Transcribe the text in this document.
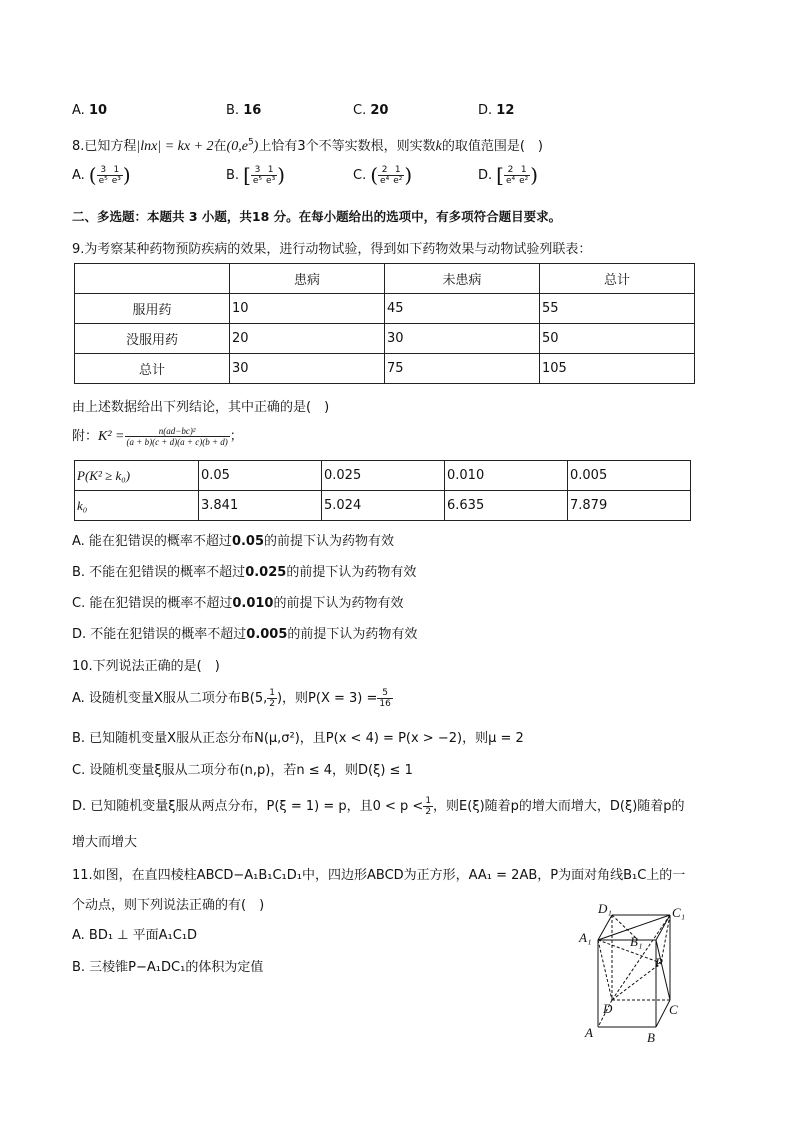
A. 10	B. 16	C. 20	D. 12
8.已知方程|lnx| = kx + 2在$(0,e^5)$上恰有3个不等实数根，则实数k的取值范围是(　)
A. ( $\frac{3}{\text{e⁵}} \frac{1}{\text{e³}}$ )	B. [ $\frac{3}{\text{e⁵}} \frac{1}{\text{e³}}$ )	C. ( $\frac{2}{\text{e⁴}} \frac{1}{\text{e²}}$ )	D. [ $\frac{2}{\text{e⁴}} \frac{1}{\text{e²}}$ )
二、多选题：本题共 3 小题，共18 分。在每小题给出的选项中，有多项符合题目要求。
9.为考察某种药物预防疾病的效果，进行动物试验，得到如下药物效果与动物试验列联表：
	患病	未患病	总计
服用药	10	45	55
没服用药	20	30	50
总计	30	75	105
由上述数据给出下列结论，其中正确的是(　)
附：$K^2 = \frac{\text{n(ad−bc)²}}{(a + b)(c + d)(a + c)(b + d)}$ ；
P(K² ≥ k₀)	0.05	0.025	0.010	0.005
k₀	3.841	5.024	6.635	7.879
A. 能在犯错误的概率不超过0.05的前提下认为药物有效
B. 不能在犯错误的概率不超过0.025的前提下认为药物有效
C. 能在犯错误的概率不超过0.010的前提下认为药物有效
D. 不能在犯错误的概率不超过0.005的前提下认为药物有效
10.下列说法正确的是(　)
A. 设随机变量X服从二项分布B(5, $\frac{1}{2}$ )，则$P(X = 3) = \frac{5}{16}$
B. 已知随机变量X服从正态分布N(μ,σ²)，且P(x < 4) = P(x > −2)，则μ = 2
C. 设随机变量ξ服从二项分布(n,p)，若n ≤ 4，则D(ξ) ≤ 1
D. 已知随机变量ξ服从两点分布，P(ξ = 1) = p，且$0 < p < \frac{1}{2}$ ，则E(ξ)随着p的增大而增大，D(ξ)随着p的
增大而增大
11.如图，在直四棱柱ABCD−A₁B₁C₁D₁中，四边形ABCD为正方形，AA₁ = 2AB，P为面对角线B₁C上的一
个动点，则下列说法正确的有(　)
A. BD₁ ⊥ 平面A₁C₁D
B. 三棱锥P−A₁DC₁的体积为定值
D₁	C₁
A₁	B₁
P
D	C
A	B
